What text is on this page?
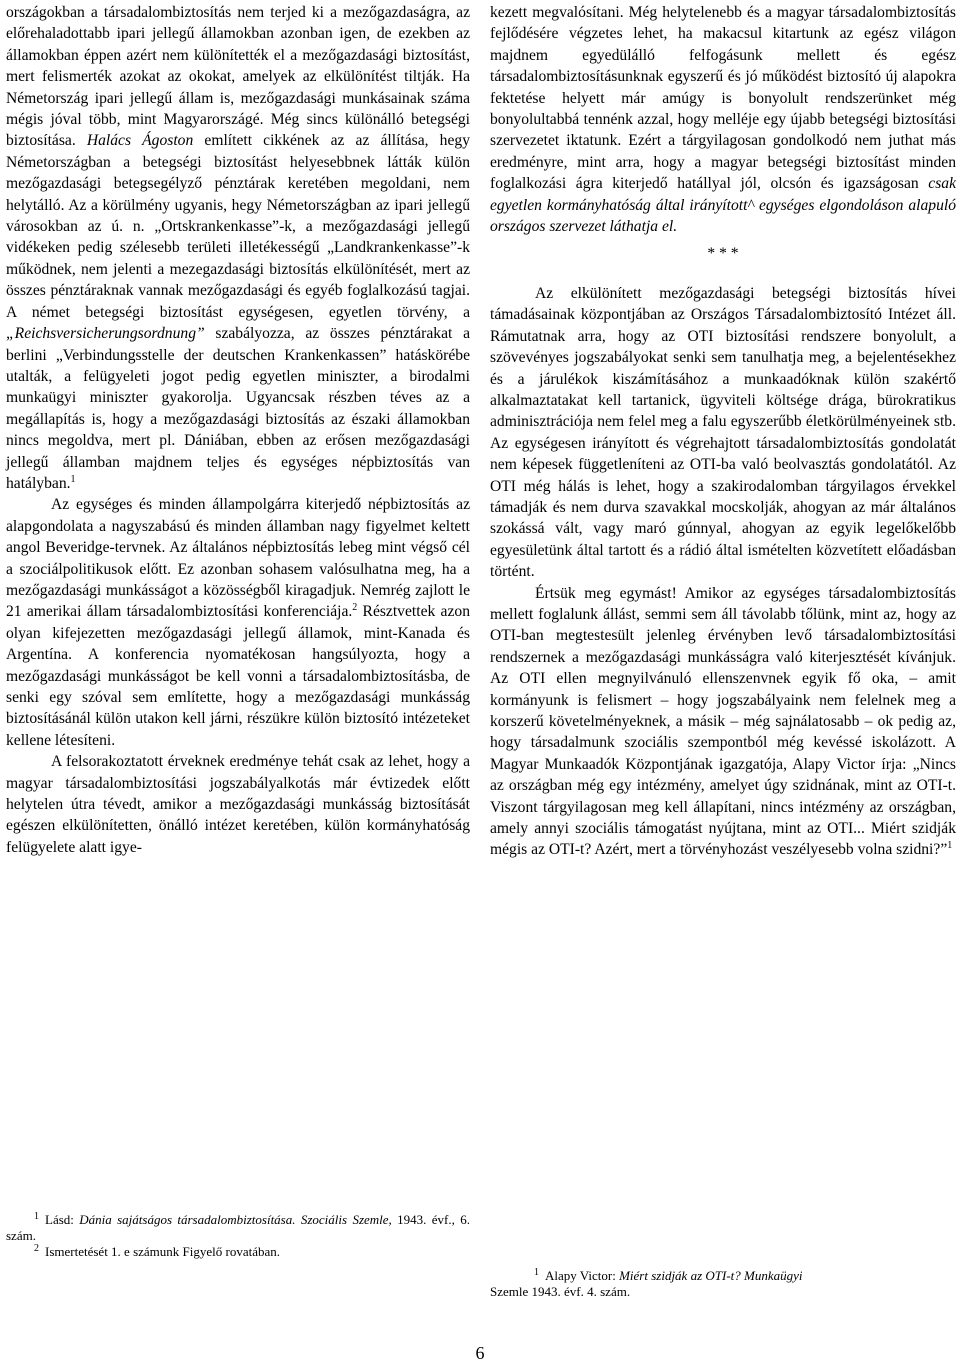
országokban a társadalombiztosítás nem terjed ki a mezőgazdaságra, az előrehaladottabb ipari jellegű államokban azonban igen, de ezekben az államokban éppen azért nem különítették el a mezőgazdasági biztosítást, mert felismerték azokat az okokat, amelyek az elkülönítést tiltják. Ha Németország ipari jellegű állam is, mezőgazdasági munkásainak száma mégis jóval több, mint Magyarországé. Még sincs különálló betegségi biztosítása. Halács Ágoston említett cikkének az az állítása, hegy Németországban a betegségi biztosítást helyesebbnek látták külön mezőgazdasági betegsegélyző pénztárak keretében megoldani, nem helytálló. Az a körülmény ugyanis, hegy Németországban az ipari jellegű városokban az ú. n. „Ortskrankenkasse”-k, a mezőgazdasági jellegű vidékeken pedig szélesebb területi illetékességű „Landkrankenkasse”-k működnek, nem jelenti a mezegazdasági biztosítás elkülönítését, mert az összes pénztáraknak vannak mezőgazdasági és egyéb foglalkozású tagjai. A német betegségi biztosítást egységesen, egyetlen törvény, a „Reichsversicherungsordnung” szabályozza, az összes pénztárakat a berlini „Verbindungsstelle der deutschen Krankenkassen” hatáskörébe utalták, a felügyeleti jogot pedig egyetlen miniszter, a birodalmi munkaügyi miniszter gyakorolja. Ugyancsak részben téves az a megállapítás is, hogy a mezőgazdasági biztosítás az északi államokban nincs megoldva, mert pl. Dániában, ebben az erősen mezőgazdasági jellegű államban majdnem teljes és egységes népbiztosítás van hatályban.$^1$

Az egységes és minden állampolgárra kiterjedő népbiztosítás az alapgondolata a nagyszabású és minden államban nagy figyelmet keltett angol Beveridge-tervnek. Az általános népbiztosítás lebeg mint végső cél a szociálpolitikusok előtt. Ez azonban sohasem valósulhatna meg, ha a mezőgazdasági munkásságot a közösségből kiragadjuk. Nemrég zajlott le 21 amerikai állam társadalombiztosítási konferenciája.$^2$ Résztvettek azon olyan kifejezetten mezőgazdasági jellegű államok, mint-Kanada és Argentína. A konferencia nyomatékosan hangsúlyozta, hogy a mezőgazdasági munkásságot be kell vonni a társadalombiztosításba, de senki egy szóval sem említette, hogy a mezőgazdasági munkásság biztosításánál külön utakon kell járni, részükre külön biztosító intézeteket kellene létesíteni.

A felsorakoztatott érveknek eredménye tehát csak az lehet, hogy a magyar társadalombiztosítási jogszabályalkotás már évtizedek előtt helytelen útra tévedt, amikor a mezőgazdasági munkásság biztosítását egészen elkülönítetten, önálló intézet keretében, külön kormányhatóság felügyelete alatt igye-

kezett megvalósítani. Még helytelenebb és a magyar társadalombiztosítás fejlődésére végzetes lehet, ha makacsul kitartunk az egész világon majdnem egyedülálló felfogásunk mellett és egész társadalombiztosításunknak egyszerű és jó működést biztosító új alapokra fektetése helyett már amúgy is bonyolult rendszerünket még bonyolultabbá tennénk azzal, hogy melléje egy újabb betegségi biztosítási szervezetet iktatunk. Ezért a tárgyilagosan gondolkodó nem juthat más eredményre, mint arra, hogy a magyar betegségi biztosítást minden foglalkozási ágra kiterjedő hatállyal jól, olcsón és igazságosan csak egyetlen kormányhatóság által irányított^ egységes elgondoláson alapuló országos szervezet láthatja el.

* * *

Az elkülönített mezőgazdasági betegségi biztosítás hívei támadásainak központjában az Országos Társadalombiztosító Intézet áll. Rámutatnak arra, hogy az OTI biztosítási rendszere bonyolult, a szövevényes jogszabályokat senki sem tanulhatja meg, a bejelentésekhez és a járulékok kiszámításához a munkaadóknak külön szakértő alkalmaztatakat kell tartanick, ügyviteli költsége drága, bürokratikus adminisztrációja nem felel meg a falu egyszerűbb életkörülményeinek stb. Az egységesen irányított és végrehajtott társadalombiztosítás gondolatát nem képesek függetleníteni az OTI-ba való beolvasztás gondolatától. Az OTI még hálás is lehet, hogy a szakirodalomban tárgyilagos érvekkel támadják és nem durva szavakkal mocskolják, ahogyan az már általános szokássá vált, vagy maró gúnnyal, ahogyan az egyik legelőkelőbb egyesületünk által tartott és a rádió által ismételten közvetített előadásban történt.

Értsük meg egymást! Amikor az egységes társadalombiztosítás mellett foglalunk állást, semmi sem áll távolabb tőlünk, mint az, hogy az OTI-ban megtestesült jelenleg érvényben levő társadalombiztosítási rendszernek a mezőgazdasági munkásságra való kiterjesztését kívánjuk. Az OTI ellen megnyilvánuló ellenszenvnek egyik fő oka, – amit kormányunk is felismert – hogy jogszabályaink nem felelnek meg a korszerű követelményeknek, a másik – még sajnálatosabb – ok pedig az, hogy társadalmunk szociális szempontból még kevéssé iskolázott. A Magyar Munkaadók Központjának igazgatója, Alapy Victor írja: „Nincs az országban még egy intézmény, amelyet úgy szidnának, mint az OTI-t. Viszont tárgyilagosan meg kell állapítani, nincs intézmény az országban, amely annyi szociális támogatást nyújtana, mint az OTI... Miért szidják mégis az OTI-t? Azért, mert a törvényhozást veszélyesebb volna szidni?”$^1$

$^1$ Lásd: Dánia sajátságos társadalombiztosítása. Szociális Szemle, 1943. évf., 6. szám.

$^2$ Ismertetését 1. e számunk Figyelő rovatában.

$^1$ Alapy Victor: Miért szidják az OTI-t? Munkaügyi
Szemle 1943. évf. 4. szám.

6
